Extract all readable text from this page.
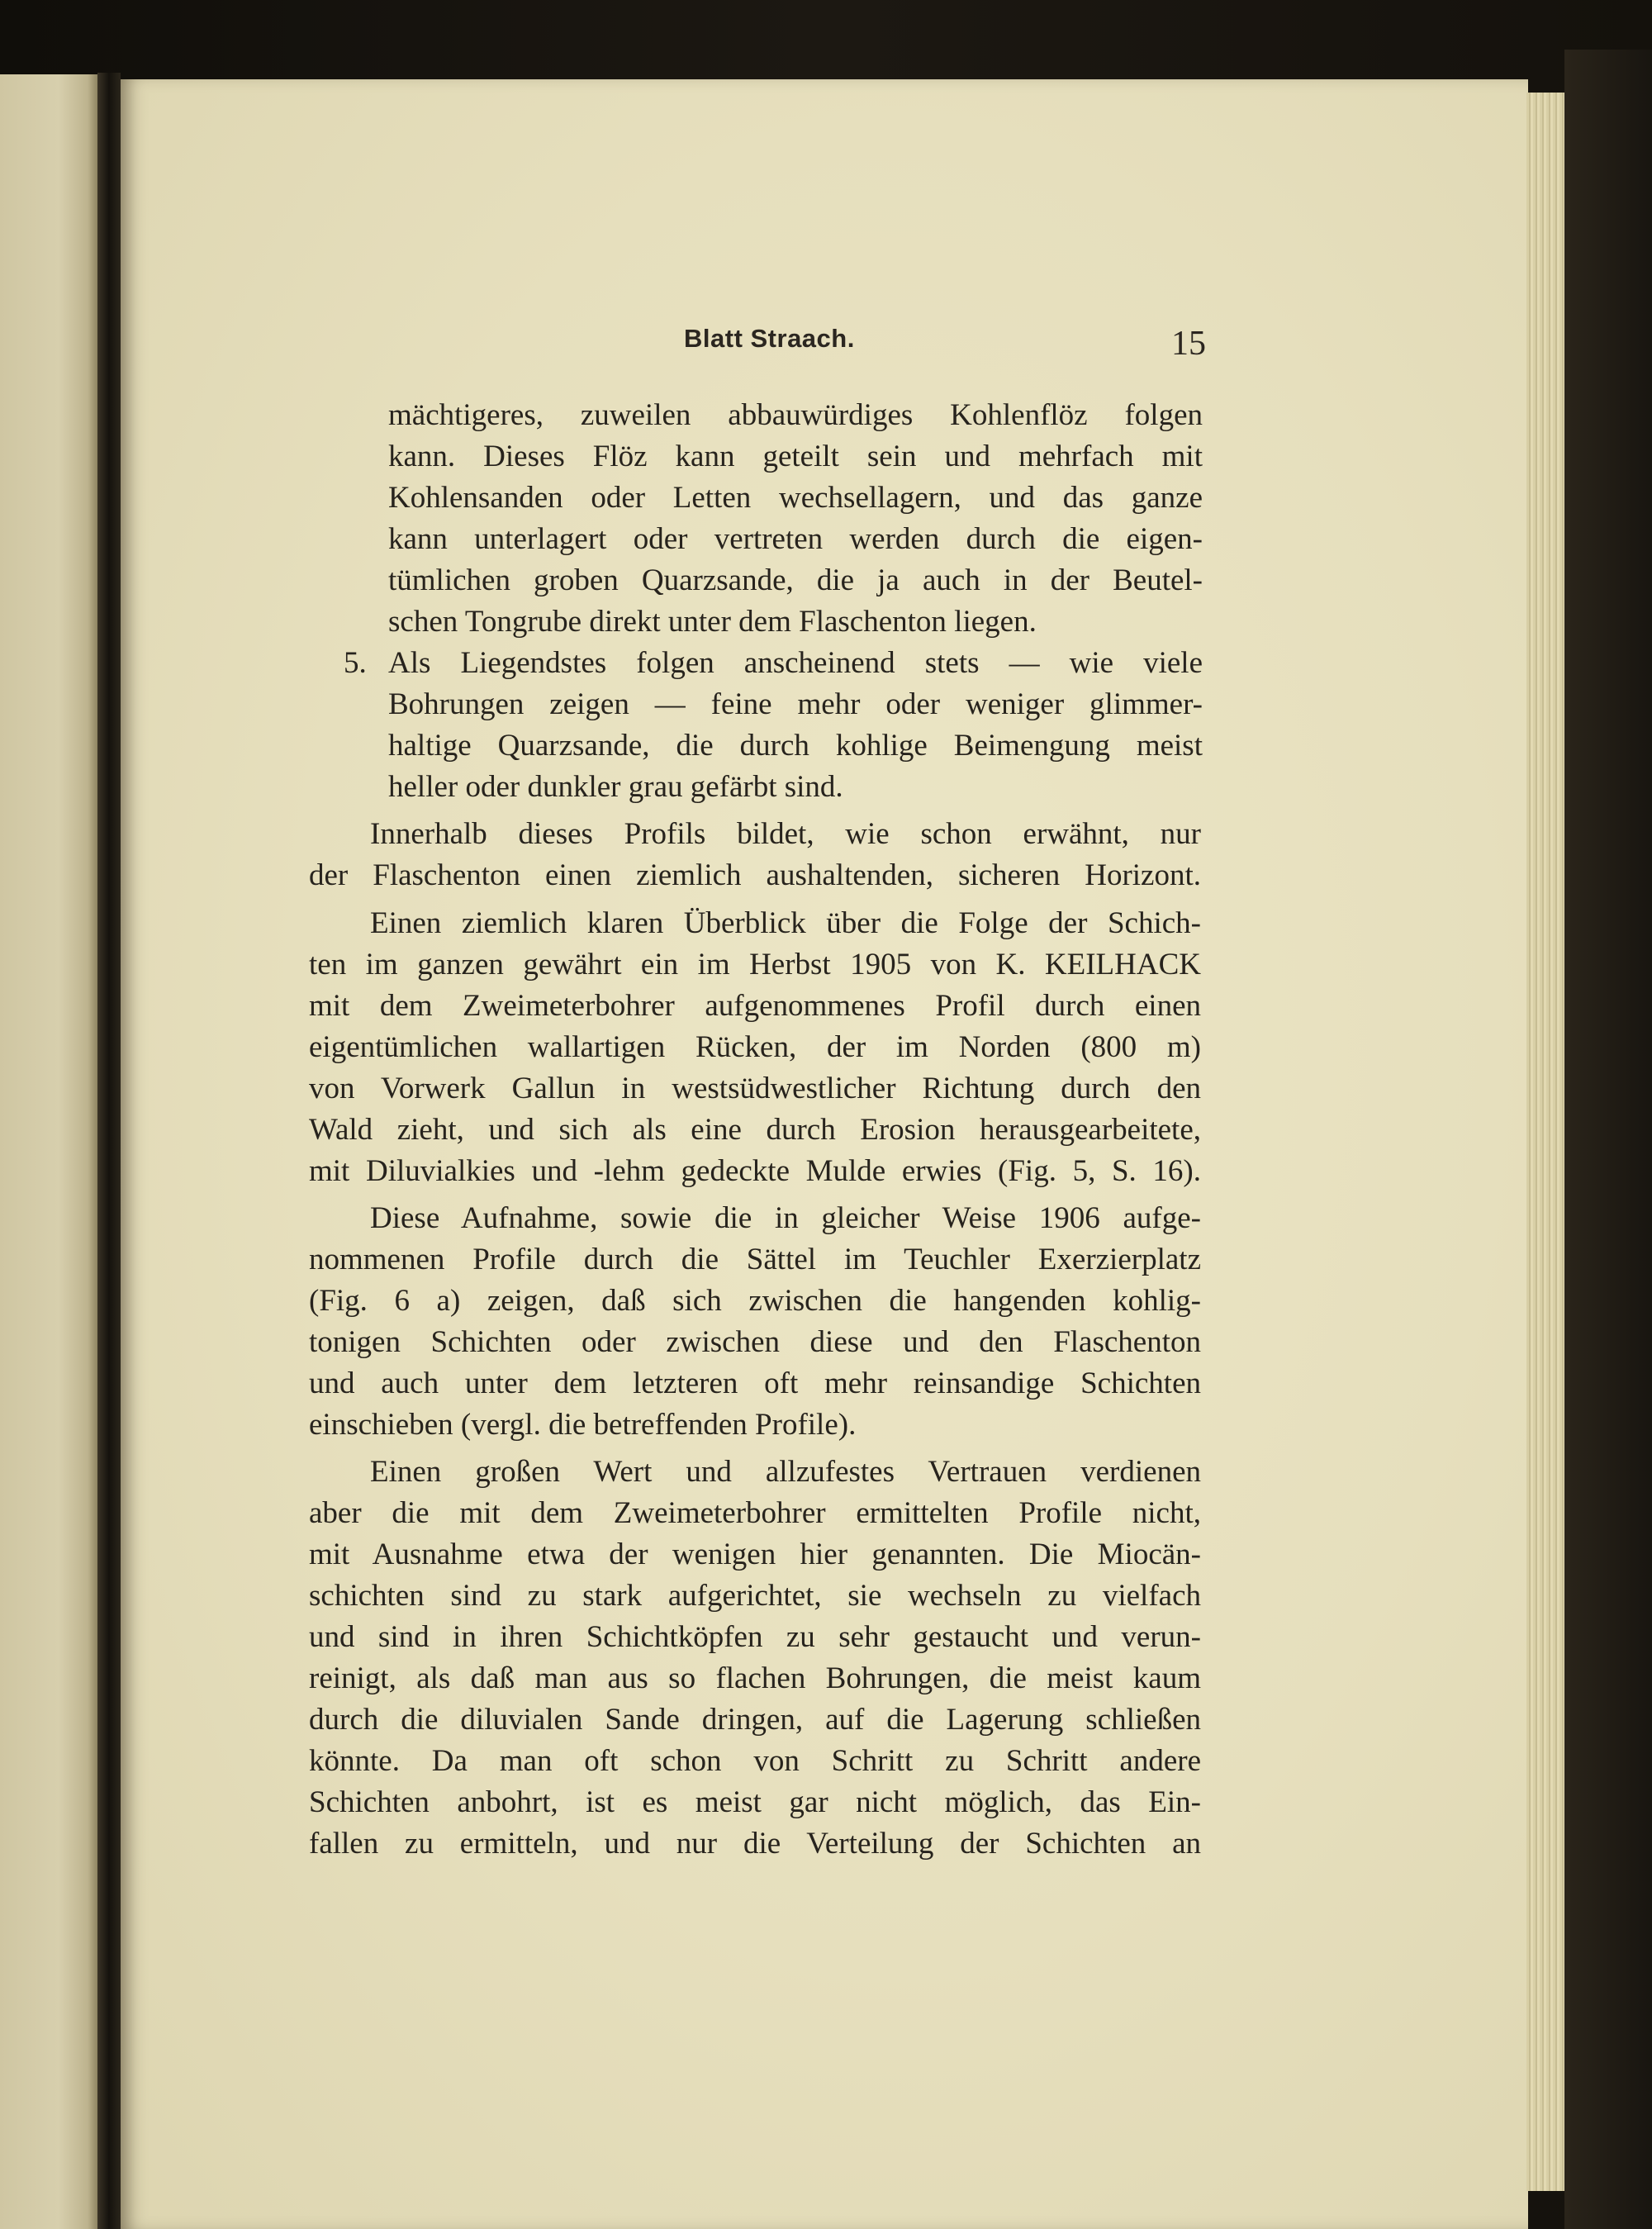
Blatt Straach.	15
mächtigeres, zuweilen abbauwürdiges Kohlenflöz folgen
kann. Dieses Flöz kann geteilt sein und mehrfach mit
Kohlensanden oder Letten wechsellagern, und das ganze
kann unterlagert oder vertreten werden durch die eigen-
tümlichen groben Quarzsande, die ja auch in der Beutel-
schen Tongrube direkt unter dem Flaschenton liegen.
5. Als Liegendstes folgen anscheinend stets — wie viele
Bohrungen zeigen — feine mehr oder weniger glimmer-
haltige Quarzsande, die durch kohlige Beimengung meist
heller oder dunkler grau gefärbt sind.
Innerhalb dieses Profils bildet, wie schon erwähnt, nur
der Flaschenton einen ziemlich aushaltenden, sicheren Horizont.
Einen ziemlich klaren Überblick über die Folge der Schich-
ten im ganzen gewährt ein im Herbst 1905 von K. KEILHACK
mit dem Zweimeterbohrer aufgenommenes Profil durch einen
eigentümlichen wallartigen Rücken, der im Norden (800 m)
von Vorwerk Gallun in westsüdwestlicher Richtung durch den
Wald zieht, und sich als eine durch Erosion herausgearbeitete,
mit Diluvialkies und -lehm gedeckte Mulde erwies (Fig. 5, S. 16).
Diese Aufnahme, sowie die in gleicher Weise 1906 aufge-
nommenen Profile durch die Sättel im Teuchler Exerzierplatz
(Fig. 6 a) zeigen, daß sich zwischen die hangenden kohlig-
tonigen Schichten oder zwischen diese und den Flaschenton
und auch unter dem letzteren oft mehr reinsandige Schichten
einschieben (vergl. die betreffenden Profile).
Einen großen Wert und allzufestes Vertrauen verdienen
aber die mit dem Zweimeterbohrer ermittelten Profile nicht,
mit Ausnahme etwa der wenigen hier genannten. Die Miocän-
schichten sind zu stark aufgerichtet, sie wechseln zu vielfach
und sind in ihren Schichtköpfen zu sehr gestaucht und verun-
reinigt, als daß man aus so flachen Bohrungen, die meist kaum
durch die diluvialen Sande dringen, auf die Lagerung schließen
könnte. Da man oft schon von Schritt zu Schritt andere
Schichten anbohrt, ist es meist gar nicht möglich, das Ein-
fallen zu ermitteln, und nur die Verteilung der Schichten an
